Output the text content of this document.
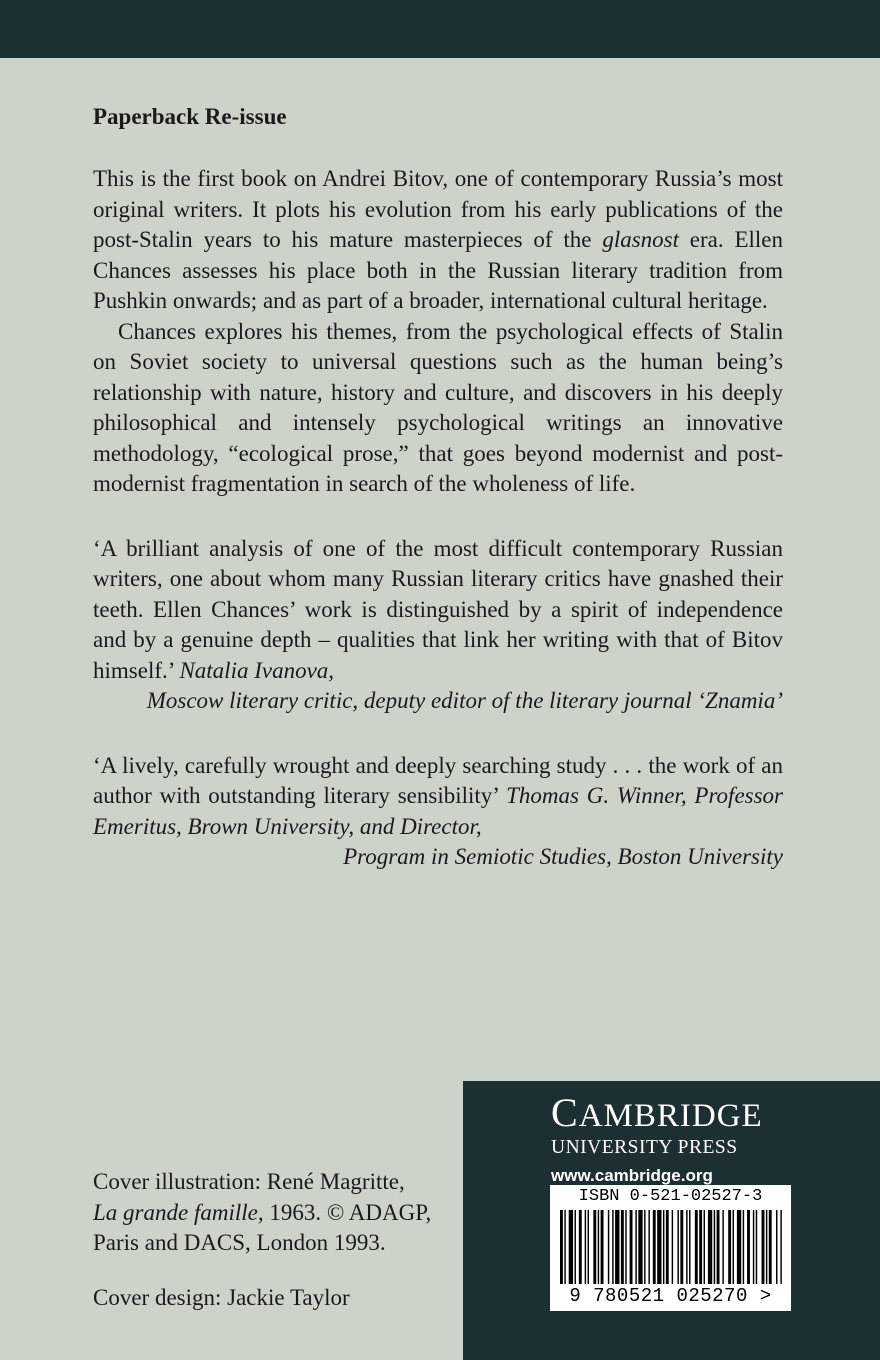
Paperback Re-issue

This is the first book on Andrei Bitov, one of contemporary Russia’s most original writers. It plots his evolution from his early publications of the post-Stalin years to his mature masterpieces of the glasnost era. Ellen Chances assesses his place both in the Russian literary tradition from Pushkin onwards; and as part of a broader, international cultural heritage.

Chances explores his themes, from the psychological effects of Stalin on Soviet society to universal questions such as the human being’s relationship with nature, history and culture, and discovers in his deeply philosophical and intensely psychological writings an innovative methodology, “ecological prose,” that goes beyond modernist and post-modernist fragmentation in search of the wholeness of life.

‘A brilliant analysis of one of the most difficult contemporary Russian writers, one about whom many Russian literary critics have gnashed their teeth. Ellen Chances’ work is distinguished by a spirit of independence and by a genuine depth – qualities that link her writing with that of Bitov himself.’ Natalia Ivanova,
Moscow literary critic, deputy editor of the literary journal ‘Znamia’
‘A lively, carefully wrought and deeply searching study . . . the work of an author with outstanding literary sensibility’ Thomas G. Winner, Professor Emeritus, Brown University, and Director,
Program in Semiotic Studies, Boston University
Cover illustration: René Magritte,
La grande famille, 1963. © ADAGP,
Paris and DACS, London 1993.
Cover design: Jackie Taylor
CAMBRIDGE
UNIVERSITY PRESS
www.cambridge.org
ISBN 0-521-02527-3
9 780521 025270 >
